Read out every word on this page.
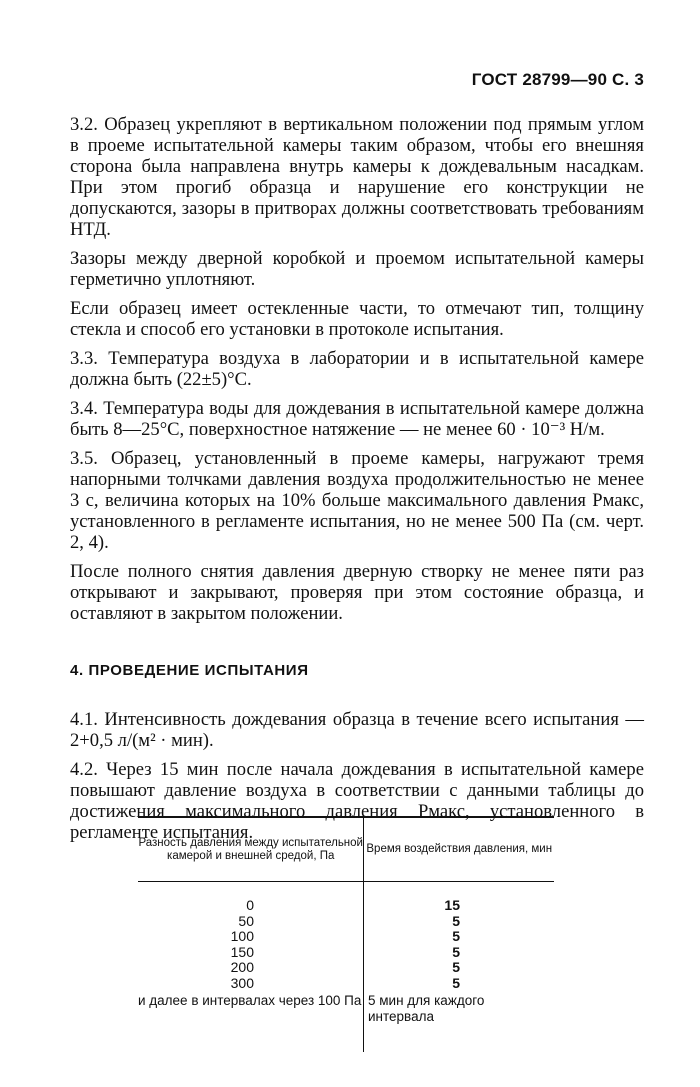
ГОСТ 28799—90 С. 3

3.2. Образец укрепляют в вертикальном положении под прямым углом в проеме испытательной камеры таким образом, чтобы его внешняя сторона была направлена внутрь камеры к дождевальным насадкам. При этом прогиб образца и нарушение его конструкции не допускаются, зазоры в притворах должны соответствовать требованиям НТД.

Зазоры между дверной коробкой и проемом испытательной камеры герметично уплотняют.

Если образец имеет остекленные части, то отмечают тип, толщину стекла и способ его установки в протоколе испытания.

3.3. Температура воздуха в лаборатории и в испытательной камере должна быть (22±5)°С.

3.4. Температура воды для дождевания в испытательной камере должна быть 8—25°С, поверхностное натяжение — не менее 60 · 10⁻³ Н/м.

3.5. Образец, установленный в проеме камеры, нагружают тремя напорными толчками давления воздуха продолжительностью не менее 3 с, величина которых на 10% больше максимального давления Pмакс, установленного в регламенте испытания, но не менее 500 Па (см. черт. 2, 4).

После полного снятия давления дверную створку не менее пяти раз открывают и закрывают, проверяя при этом состояние образца, и оставляют в закрытом положении.

4. ПРОВЕДЕНИЕ ИСПЫТАНИЯ

4.1. Интенсивность дождевания образца в течение всего испытания — 2+0,5 л/(м² · мин).

4.2. Через 15 мин после начала дождевания в испытательной камере повышают давление воздуха в соответствии с данными таблицы до достижения максимального давления Pмакс, установленного в регламенте испытания.

Разность давления между испытательной камерой и внешней средой, Па
Время воздействия давления, мин
0
50
100
150
200
300
и далее в интервалах через 100 Па
15
5
5
5
5
5
5 мин для каждого интервала
